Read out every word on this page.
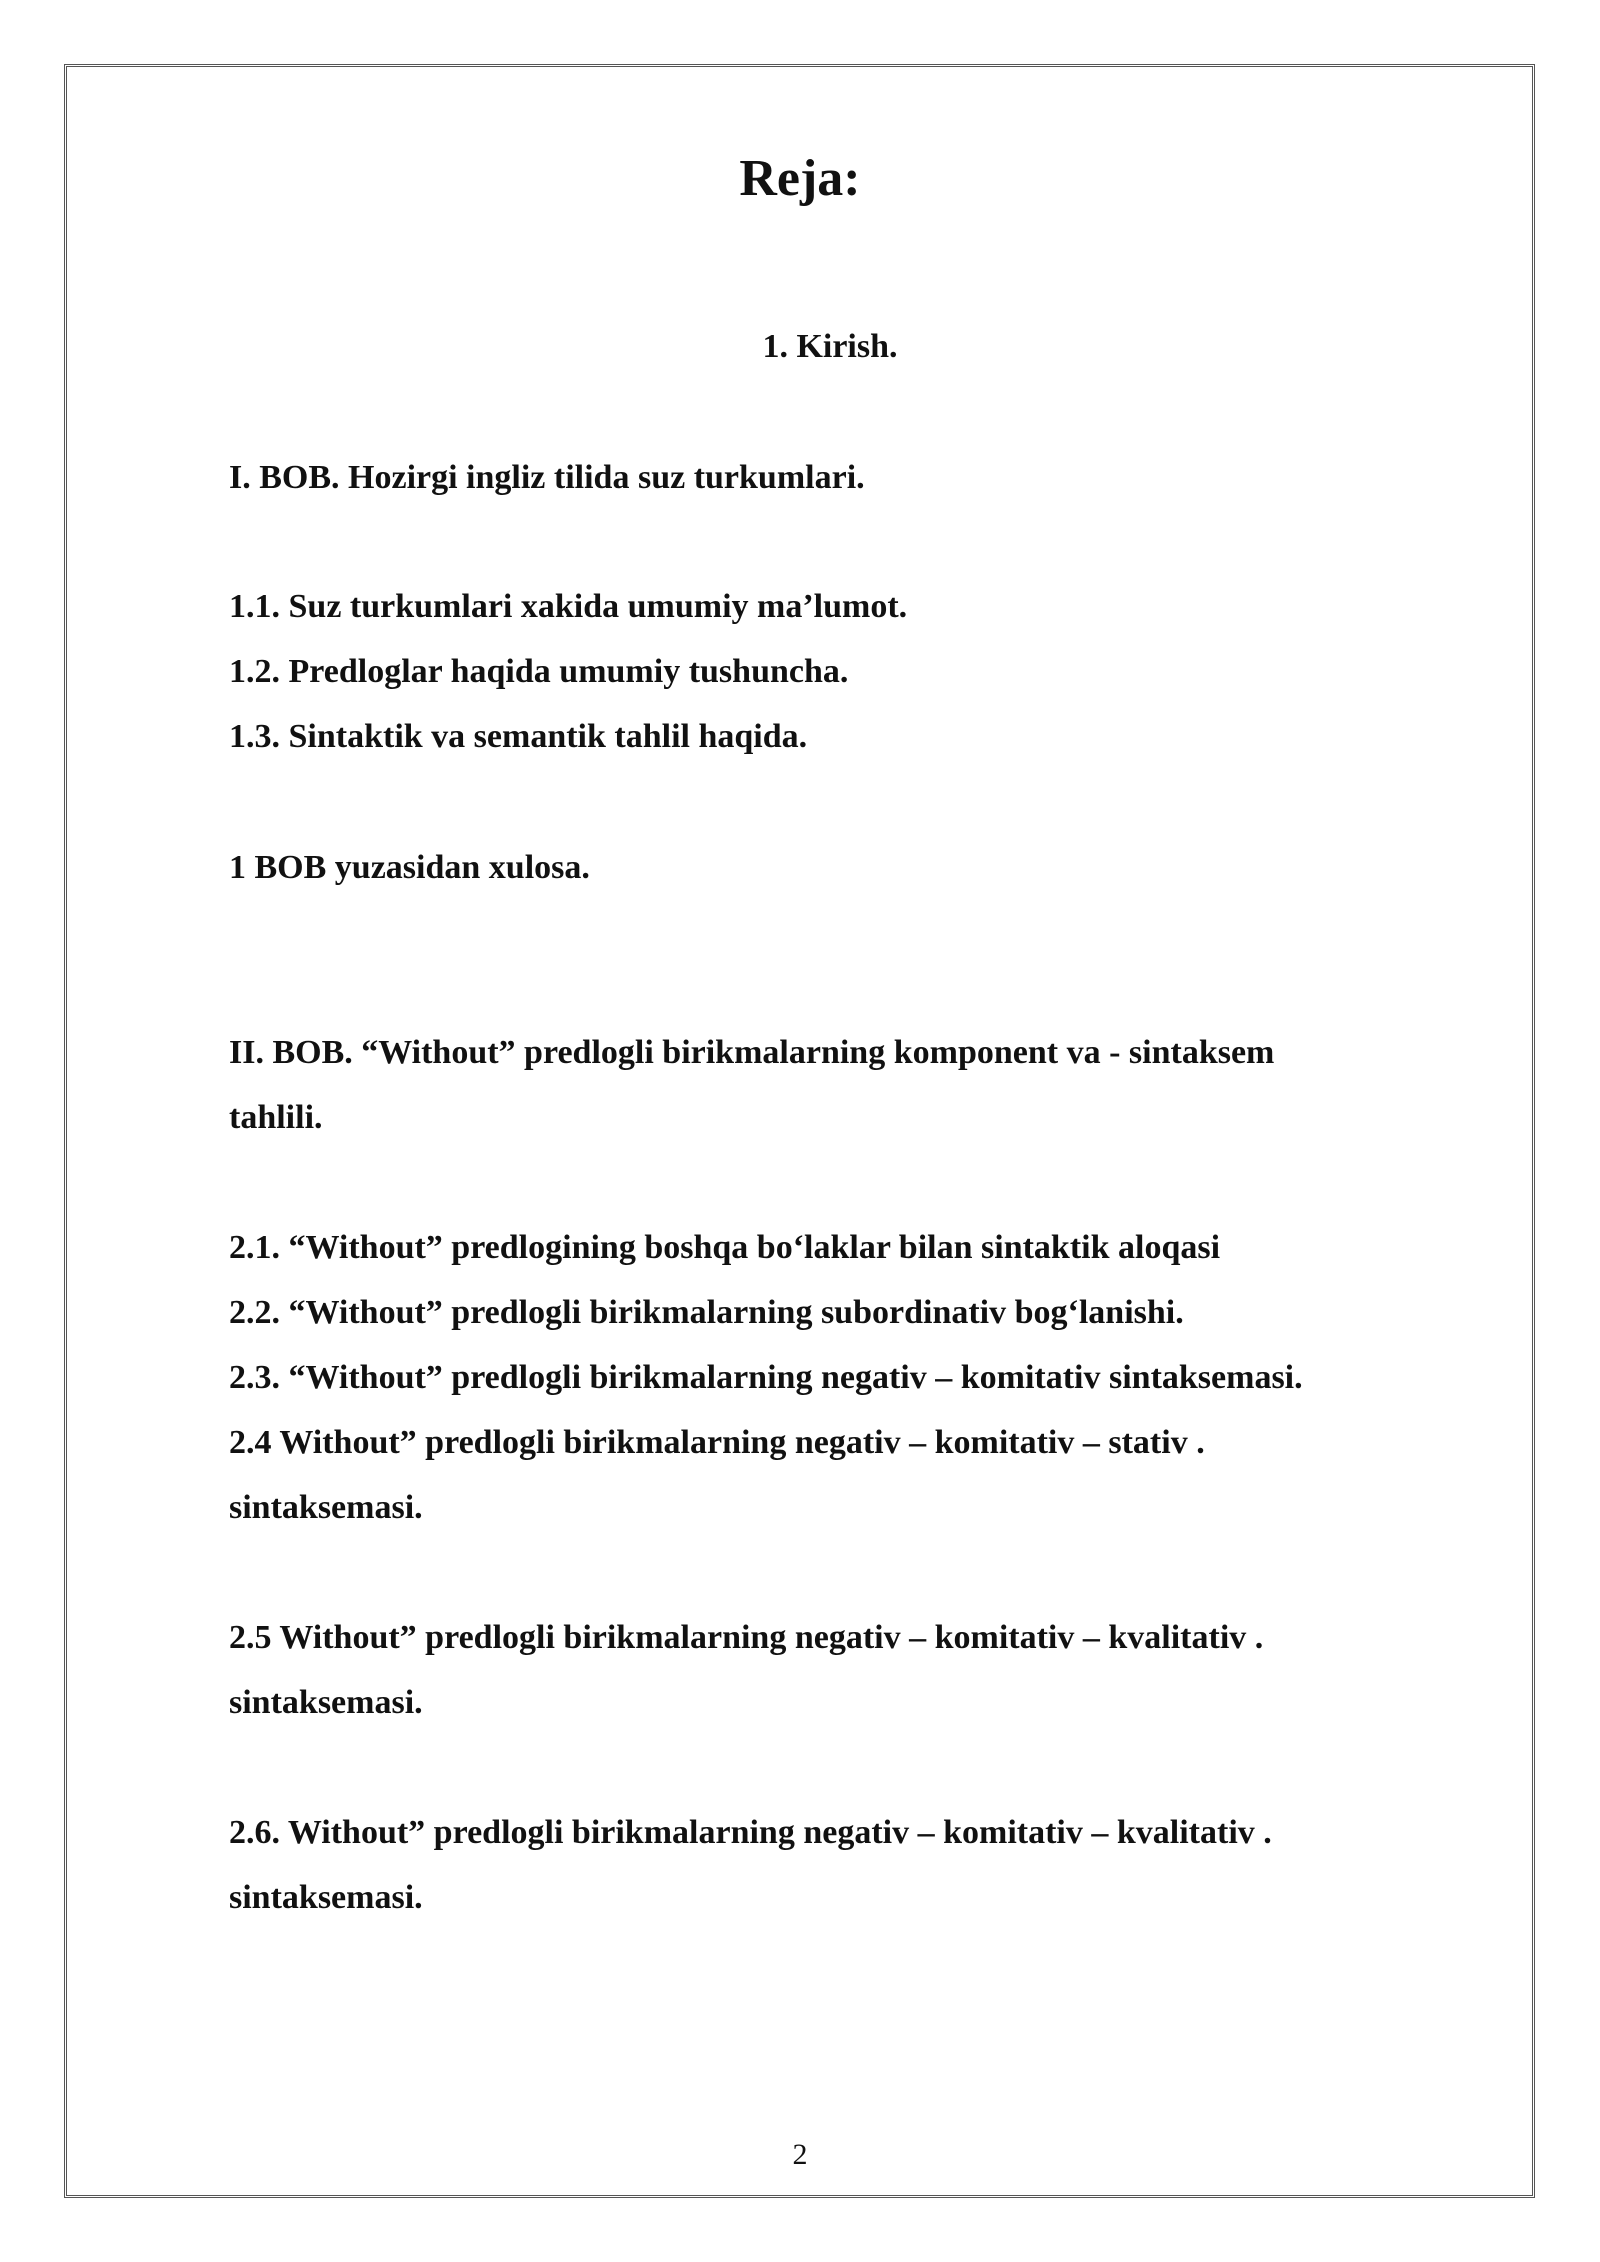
Reja:

1. Kirish.

I. BOB. Hozirgi ingliz tilida suz turkumlari.

1.1. Suz turkumlari xakida umumiy ma’lumot.

1.2. Predloglar haqida umumiy tushuncha.

1.3. Sintaktik va semantik tahlil haqida.

1 BOB yuzasidan xulosa.

II. BOB. “Without” predlogli birikmalarning komponent va - sintaksem

tahlili.

2.1. “Without” predlogining boshqa bo‘laklar bilan sintaktik aloqasi

2.2. “Without” predlogli birikmalarning subordinativ bog‘lanishi.

2.3. “Without” predlogli birikmalarning negativ – komitativ sintaksemasi.

2.4 Without” predlogli birikmalarning negativ – komitativ – stativ .

sintaksemasi.

2.5 Without” predlogli birikmalarning negativ – komitativ – kvalitativ .

sintaksemasi.

2.6. Without” predlogli birikmalarning negativ – komitativ – kvalitativ .

sintaksemasi.

2
